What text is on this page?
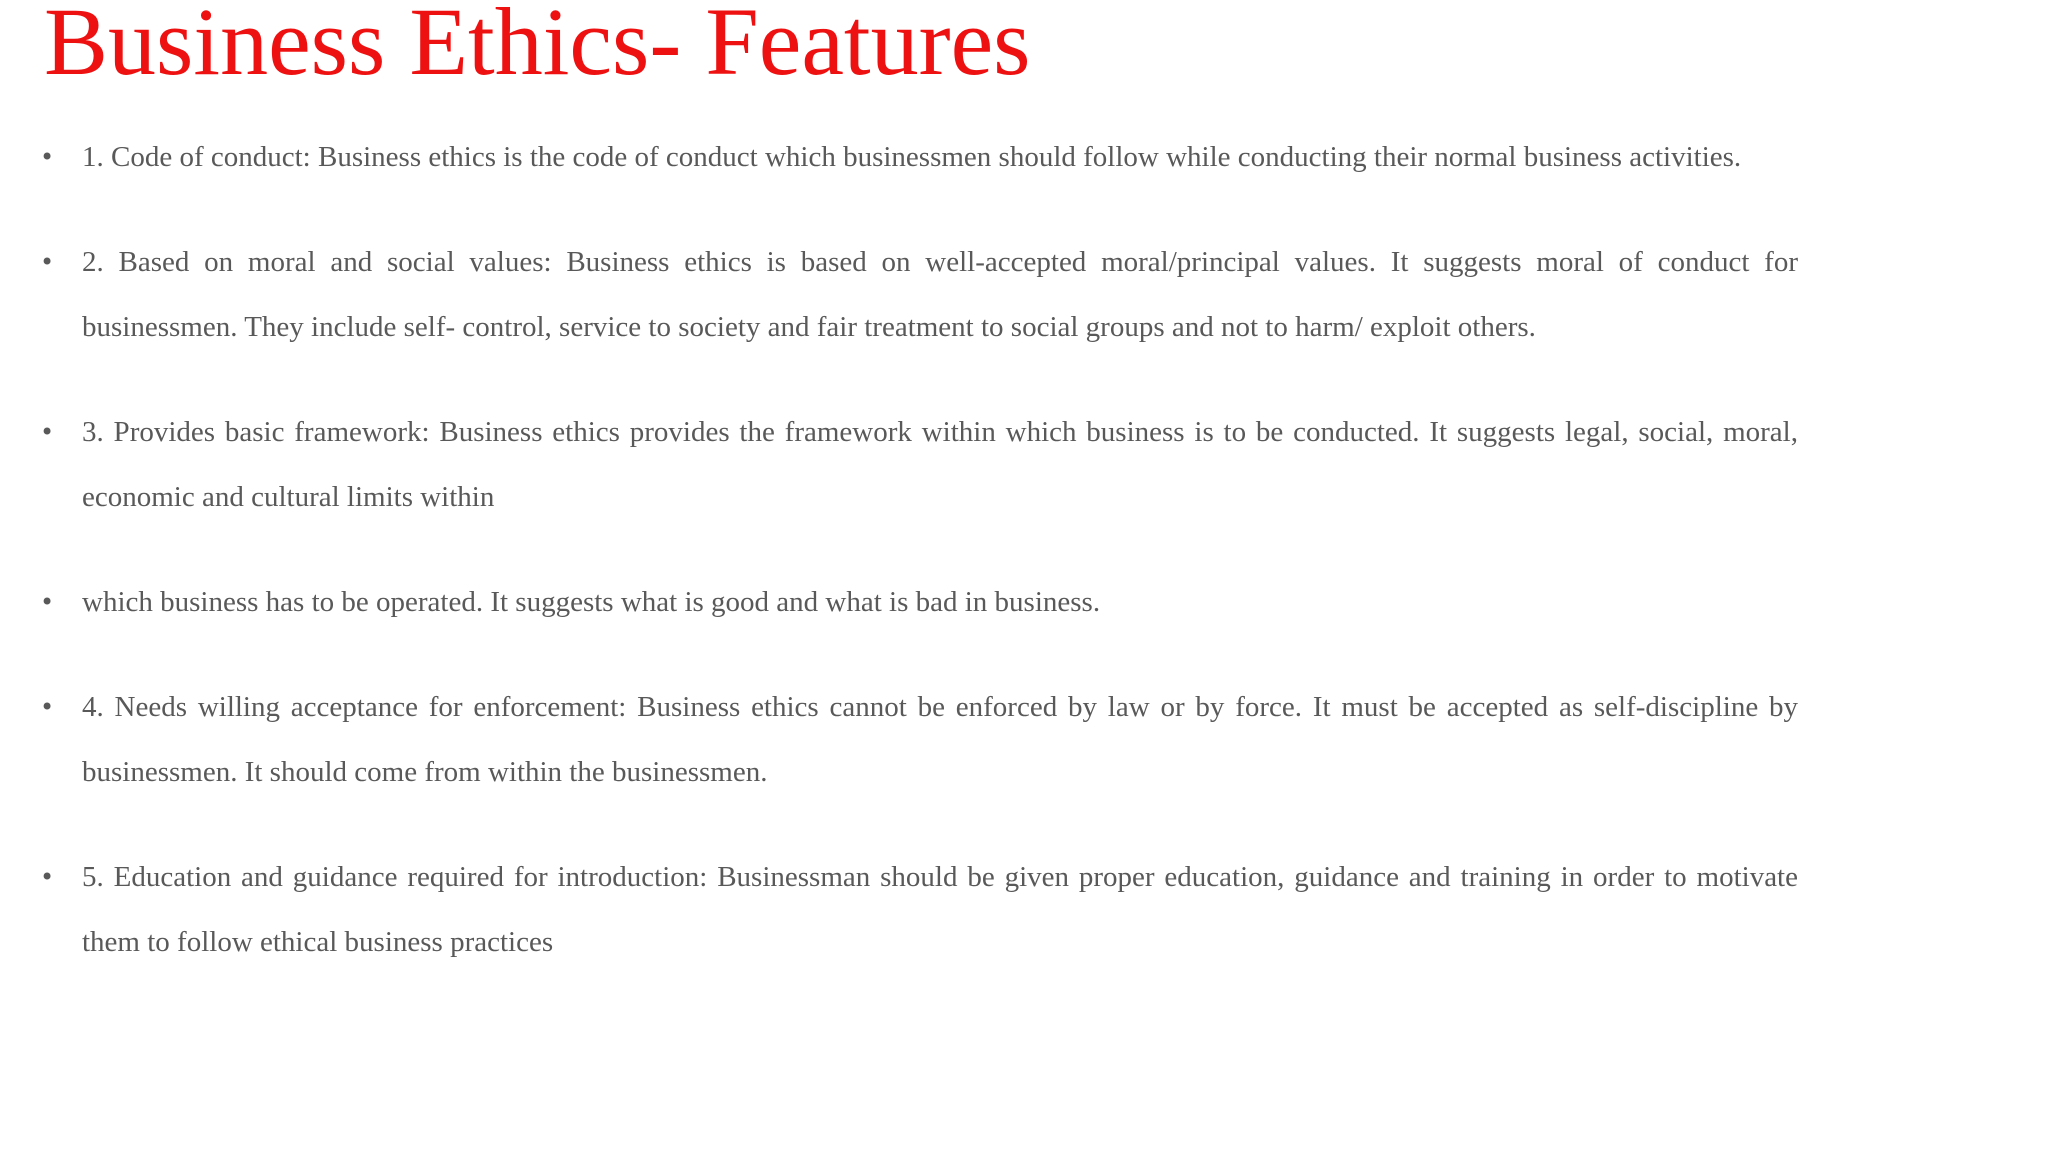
Business Ethics- Features
• 1. Code of conduct: Business ethics is the code of conduct which businessmen should follow while conducting their normal business activities.
• 2. Based on moral and social values: Business ethics is based on well-accepted moral/principal values. It suggests moral of conduct for businessmen. They include self- control, service to society and fair treatment to social groups and not to harm/ exploit others.
• 3. Provides basic framework: Business ethics provides the framework within which business is to be conducted. It suggests legal, social, moral, economic and cultural limits within
• which business has to be operated. It suggests what is good and what is bad in business.
• 4. Needs willing acceptance for enforcement: Business ethics cannot be enforced by law or by force. It must be accepted as self-discipline by businessmen. It should come from within the businessmen.
• 5. Education and guidance required for introduction: Businessman should be given proper education, guidance and training in order to motivate them to follow ethical business practices
